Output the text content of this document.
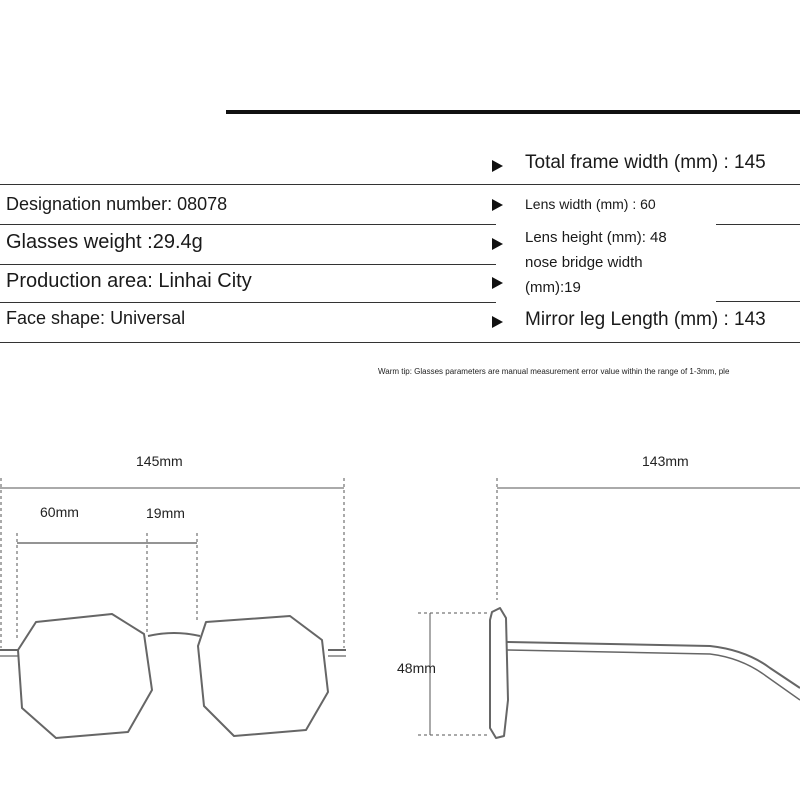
Designation number: 08078
Glasses weight :29.4g
Production area: Linhai City
Face shape: Universal
Total frame width (mm) : 145
Lens width (mm) : 60
Lens height (mm): 48
nose bridge width
(mm):19
Mirror leg Length (mm) : 143
Warm tip: Glasses parameters are manual measurement error value within the range of 1-3mm, ple
145mm
60mm	19mm
143mm
48mm
